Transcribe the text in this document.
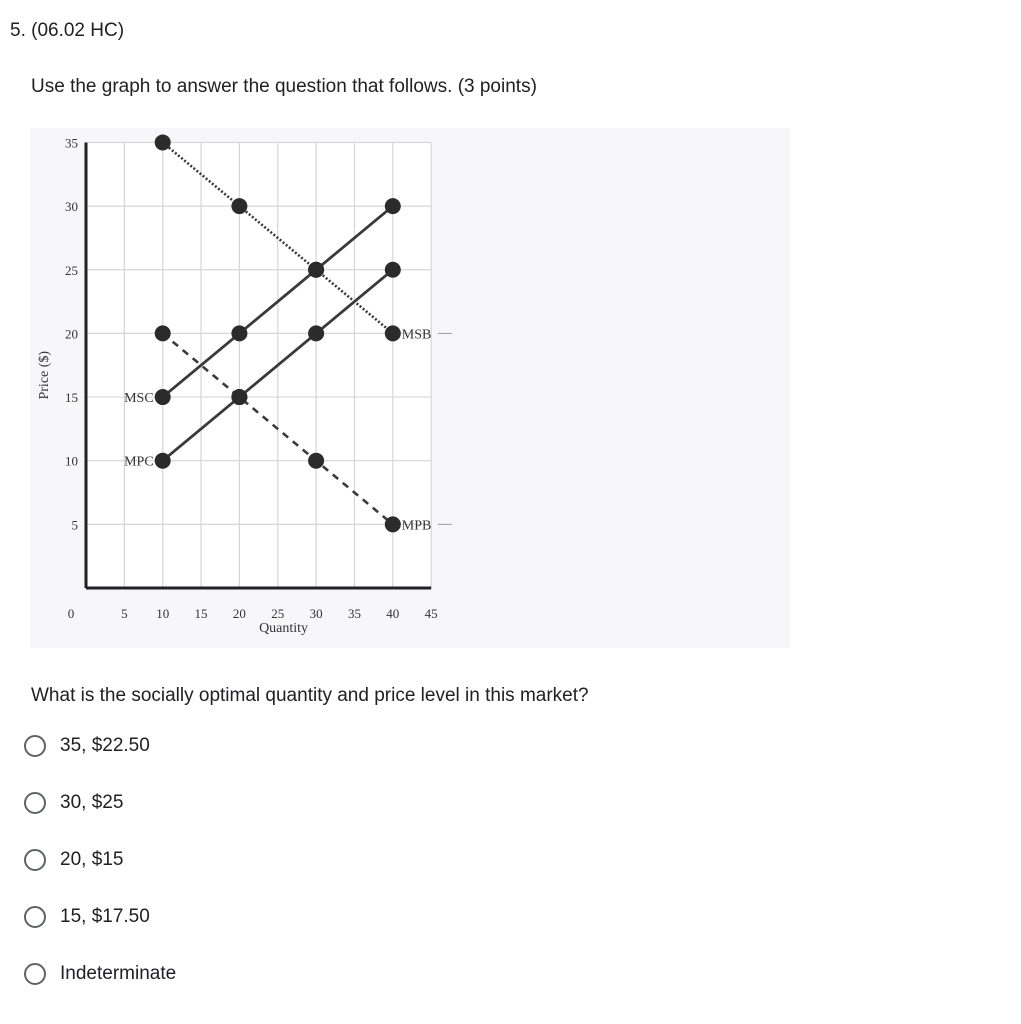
5. (06.02 HC)
Use the graph to answer the question that follows. (3 points)
0	5 10 15 20 25 30 35 40 45
5
10
15
20
25
30
35
Quantity
Price ($)
MSB
MPB
MSC
MPC
What is the socially optimal quantity and price level in this market?
35, $22.50
30, $25
20, $15
15, $17.50
Indeterminate
